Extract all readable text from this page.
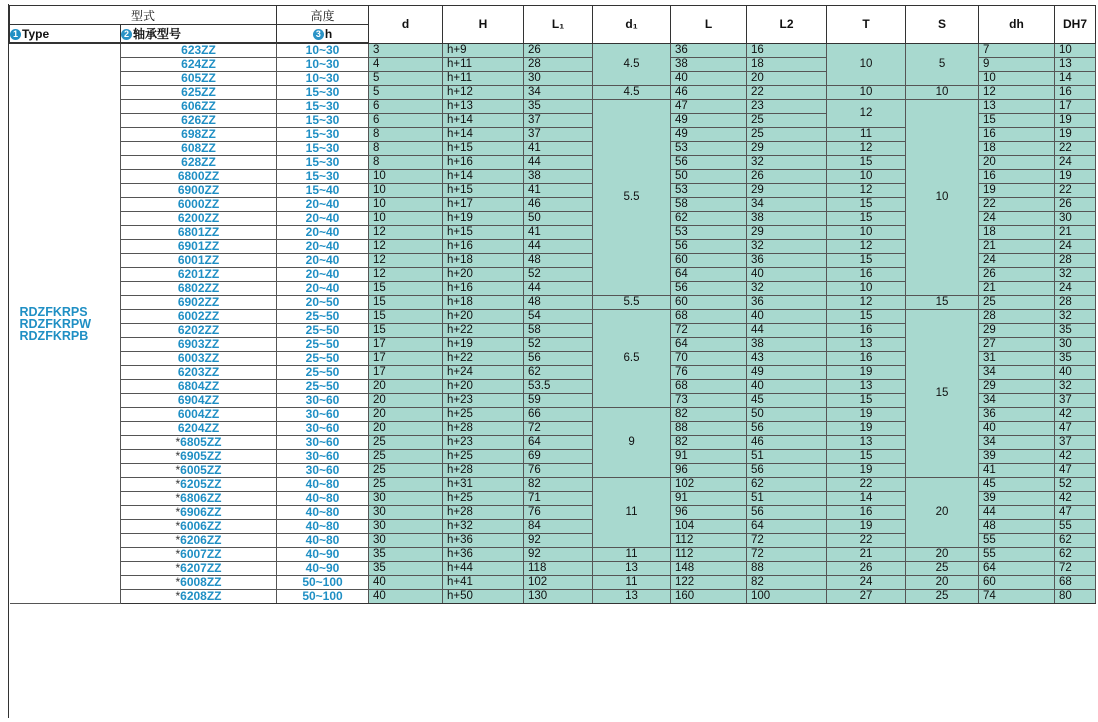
型式		高度	d	H	L₁	d₁	L	L2	T	S	dh	DH7	
1 Type	2 轴承型号	3 h											

RDZFKRPS
RDZFKRPW
RDZFKRPB	623ZZ	10~30	3	h+9	26	4.5	36	16	10	5	7	10	
	624ZZ	10~30	4	h+11	28		38	18			9	13	
	605ZZ	10~30	5	h+11	30		40	20			10	14	
	625ZZ	15~30	5	h+12	34	4.5	46	22	10	10	12	16	
	606ZZ	15~30	6	h+13	35	5.5	47	23	12	10	13	17	
	626ZZ	15~30	6	h+14	37		49	25			15	19	
	698ZZ	15~30	8	h+14	37		49	25	11		16	19	
	608ZZ	15~30	8	h+15	41		53	29	12		18	22	
	628ZZ	15~30	8	h+16	44		56	32	15		20	24	
	6800ZZ	15~30	10	h+14	38		50	26	10		16	19	
	6900ZZ	15~40	10	h+15	41		53	29	12		19	22	
	6000ZZ	20~40	10	h+17	46		58	34	15		22	26	
	6200ZZ	20~40	10	h+19	50		62	38	15		24	30	
	6801ZZ	20~40	12	h+15	41		53	29	10		18	21	
	6901ZZ	20~40	12	h+16	44		56	32	12		21	24	
	6001ZZ	20~40	12	h+18	48		60	36	15		24	28	
	6201ZZ	20~40	12	h+20	52		64	40	16		26	32	
	6802ZZ	20~40	15	h+16	44		56	32	10		21	24	
	6902ZZ	20~50	15	h+18	48	5.5	60	36	12	15	25	28	
	6002ZZ	25~50	15	h+20	54	6.5	68	40	15	15	28	32	
	6202ZZ	25~50	15	h+22	58		72	44	16		29	35	
	6903ZZ	25~50	17	h+19	52		64	38	13		27	30	
	6003ZZ	25~50	17	h+22	56		70	43	16		31	35	
	6203ZZ	25~50	17	h+24	62		76	49	19		34	40	
	6804ZZ	25~50	20	h+20	53.5		68	40	13		29	32	
	6904ZZ	30~60	20	h+23	59		73	45	15		34	37	
	6004ZZ	30~60	20	h+25	66	9	82	50	19		36	42	
	6204ZZ	30~60	20	h+28	72		88	56	19		40	47	
	*6805ZZ	30~60	25	h+23	64		82	46	13		34	37	
	*6905ZZ	30~60	25	h+25	69		91	51	15		39	42	
	*6005ZZ	30~60	25	h+28	76		96	56	19		41	47	
	*6205ZZ	40~80	25	h+31	82	11	102	62	22	20	45	52	
	*6806ZZ	40~80	30	h+25	71		91	51	14		39	42	
	*6906ZZ	40~80	30	h+28	76		96	56	16		44	47	
	*6006ZZ	40~80	30	h+32	84		104	64	19		48	55	
	*6206ZZ	40~80	30	h+36	92		112	72	22		55	62	
	*6007ZZ	40~90	35	h+36	92	11	112	72	21	20	55	62	
	*6207ZZ	40~90	35	h+44	118	13	148	88	26	25	64	72	
	*6008ZZ	50~100	40	h+41	102	11	122	82	24	20	60	68	
	*6208ZZ	50~100	40	h+50	130	13	160	100	27	25	74	80	
